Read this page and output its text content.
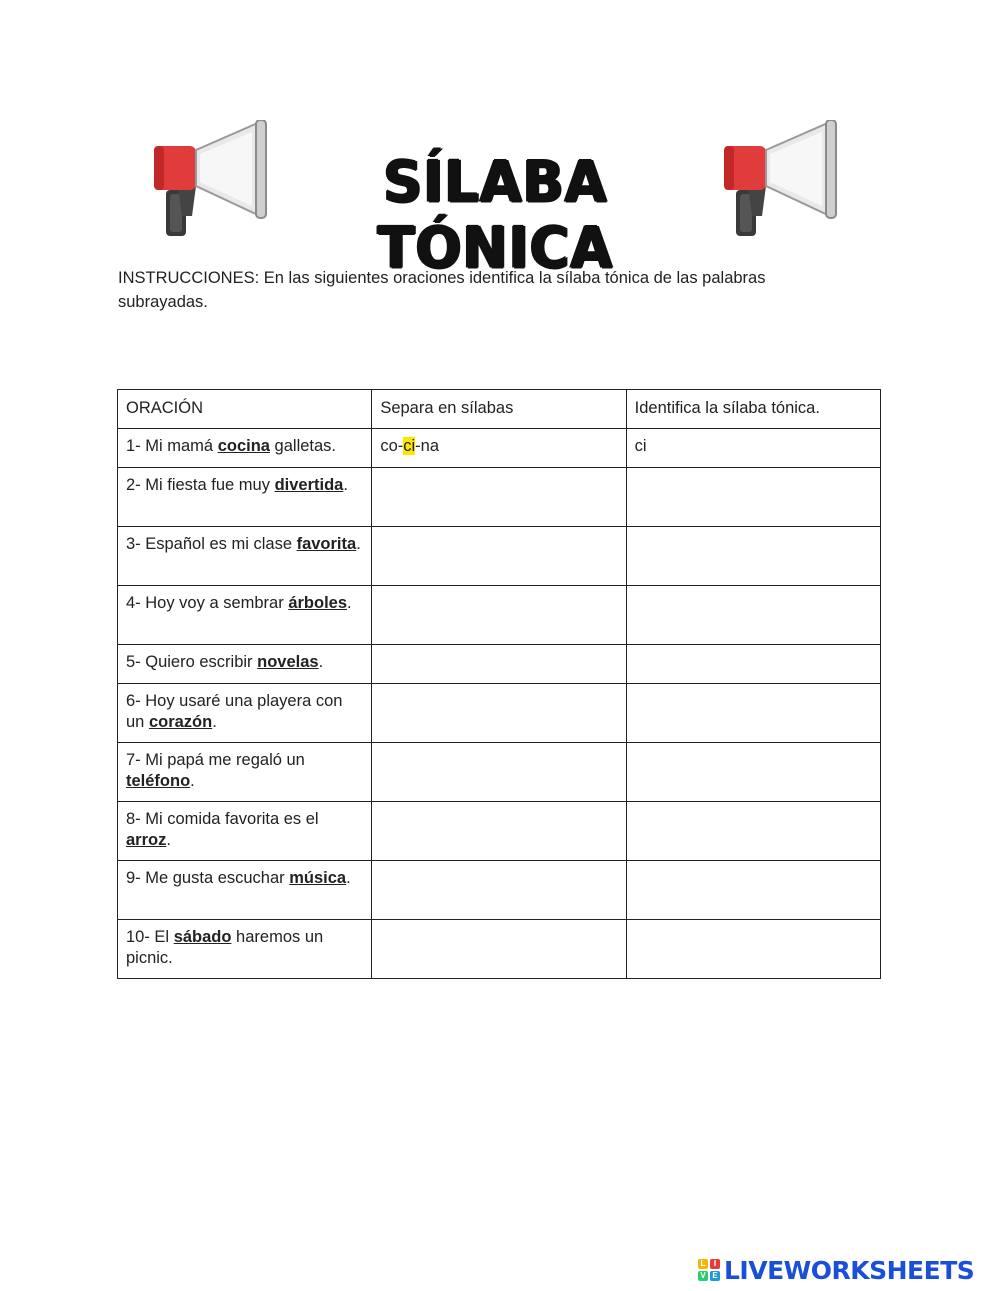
SÍLABA TÓNICA
INSTRUCCIONES: En las siguientes oraciones identifica la sílaba tónica de las palabras subrayadas.
ORACIÓN	Separa en sílabas	Identifica la sílaba tónica.
1- Mi mamá cocina galletas.	co-ci-na	ci
2- Mi fiesta fue muy divertida.		
3- Español es mi clase favorita.		
4- Hoy voy a sembrar árboles.		
5- Quiero escribir novelas.		
6- Hoy usaré una playera con un corazón.		
7- Mi papá me regaló un teléfono.		
8- Mi comida favorita es el arroz.		
9- Me gusta escuchar música.		
10- El sábado haremos un picnic.		
L	I
V E LIVEWORKSHEETS
